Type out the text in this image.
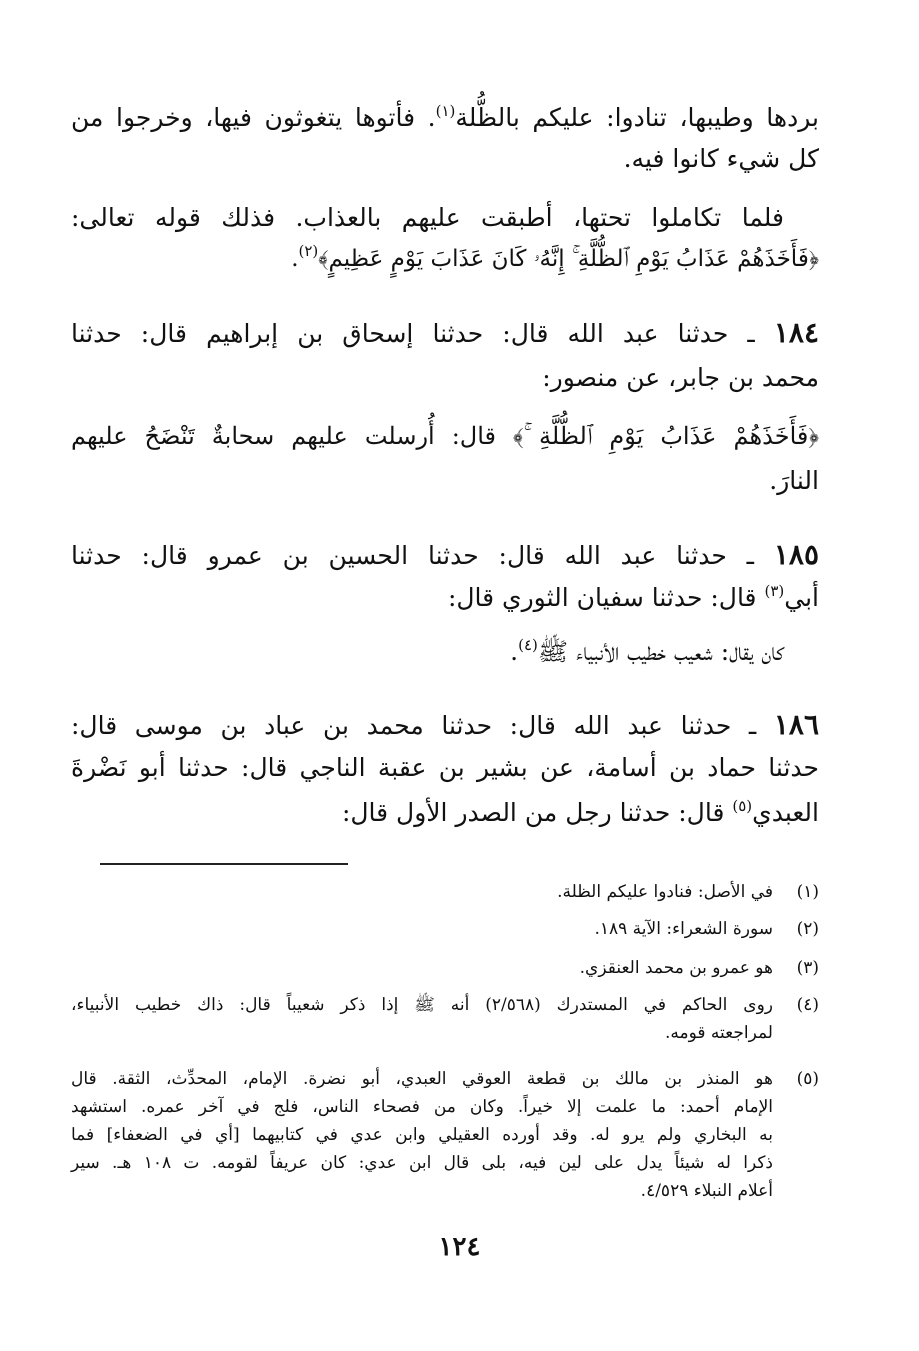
بردها وطيبها، تنادوا: عليكم بالظُّلة$^{(١)}$. فأتوها يتغوثون فيها، وخرجوا من
كل شيء كانوا فيه.
فلما تكاملوا تحتها، أطبقت عليهم بالعذاب. فذلك قوله تعالى:
﴿فَأَخَذَهُمْ عَذَابُ يَوْمِ ٱلظُّلَّةِ ۚ إِنَّهُۥ كَانَ عَذَابَ يَوْمٍ عَظِيمٍ﴾$^{(٢)}$.
١٨٤ ـ حدثنا عبد الله قال: حدثنا إسحاق بن إبراهيم قال: حدثنا
محمد بن جابر، عن منصور:
﴿فَأَخَذَهُمْ عَذَابُ يَوْمِ ٱلظُّلَّةِ ۚ﴾ قال: أُرسلت عليهم سحابةٌ تَنْضَحُ عليهم
النارَ.
١٨٥ ـ حدثنا عبد الله قال: حدثنا الحسين بن عمرو قال: حدثنا
أبي$^{(٣)}$ قال: حدثنا سفيان الثوري قال:
كان يقال: شعيب خطيب الأنبياء ﷺ$^{(٤)}$.
١٨٦ ـ حدثنا عبد الله قال: حدثنا محمد بن عباد بن موسى قال:
حدثنا حماد بن أسامة، عن بشير بن عقبة الناجي قال: حدثنا أبو نَضْرةَ
العبدي$^{(٥)}$ قال: حدثنا رجل من الصدر الأول قال:
(١)
في الأصل: فنادوا عليكم الظلة.
(٢)
سورة الشعراء: الآية ١٨٩.
(٣)
هو عمرو بن محمد العنقزي.
(٤)
روى الحاكم في المستدرك (٢/٥٦٨) أنه ﷺ إذا ذكر شعيباً قال: ذاك خطيب الأنبياء،
لمراجعته قومه.
(٥)
هو المنذر بن مالك بن قطعة العوقي العبدي، أبو نضرة. الإمام، المحدِّث، الثقة. قال
الإمام أحمد: ما علمت إلا خيراً. وكان من فصحاء الناس، فلج في آخر عمره. استشهد
به البخاري ولم يرو له. وقد أورده العقيلي وابن عدي في كتابيهما [أي في الضعفاء] فما
ذكرا له شيئاً يدل على لين فيه، بلى قال ابن عدي: كان عريفاً لقومه. ت ١٠٨ هـ. سير
أعلام النبلاء ٤/٥٢٩.
١٢٤
